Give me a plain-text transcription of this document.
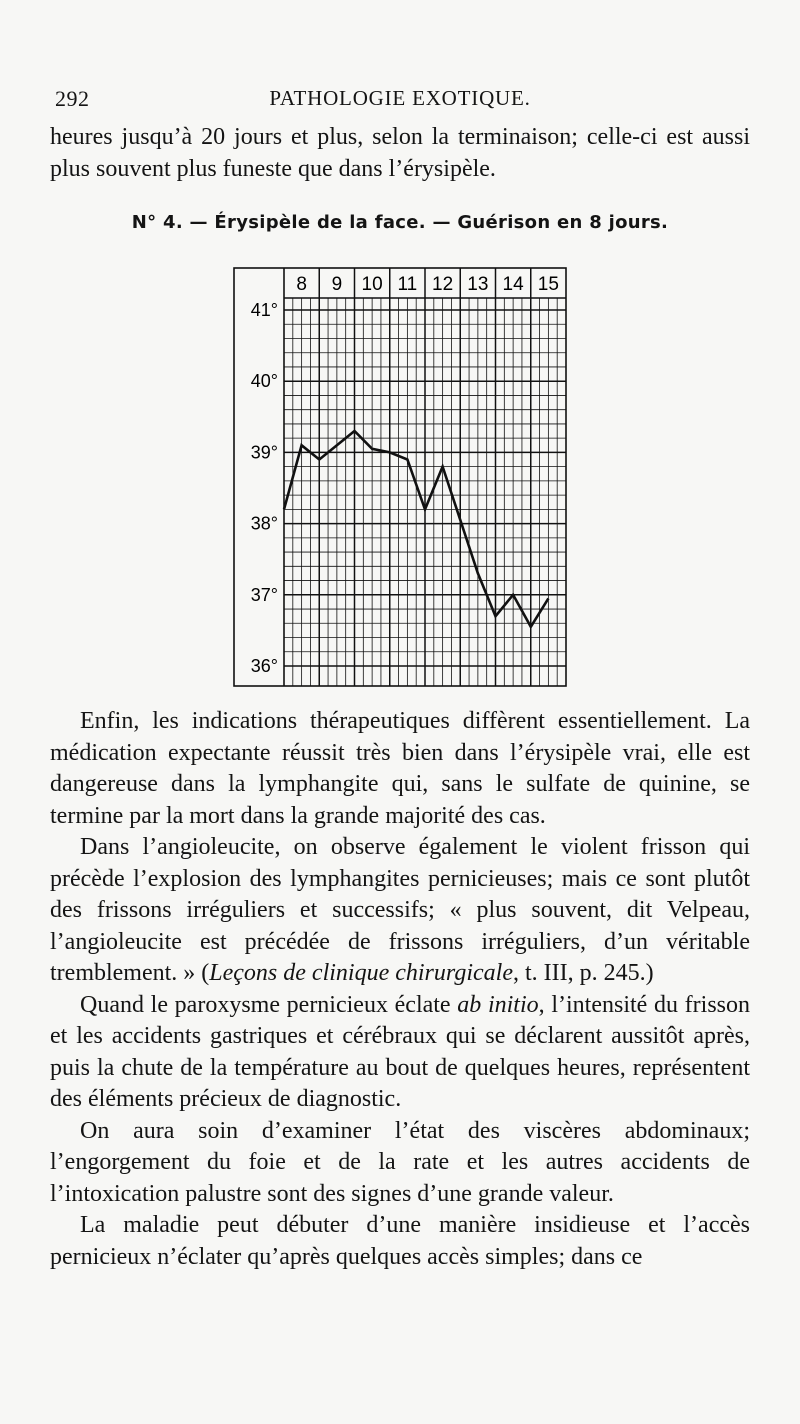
292	PATHOLOGIE EXOTIQUE.

heures jusqu’à 20 jours et plus, selon la terminaison; celle-ci est aussi plus souvent plus funeste que dans l’érysipèle.

N° 4. — Érysipèle de la face. — Guérison en 8 jours.
8 9 10 11 12 13 14 15
41°
40°
39°
38°
37°
36°

Enfin, les indications thérapeutiques diffèrent essentiellement. La médication expectante réussit très bien dans l’érysipèle vrai, elle est dangereuse dans la lymphangite qui, sans le sulfate de quinine, se termine par la mort dans la grande majorité des cas.

Dans l’angioleucite, on observe également le violent frisson qui précède l’explosion des lymphangites pernicieuses; mais ce sont plutôt des frissons irréguliers et successifs; « plus souvent, dit Velpeau, l’angioleucite est précédée de frissons irréguliers, d’un véritable tremblement. » (Leçons de clinique chirurgicale, t. III, p. 245.)

Quand le paroxysme pernicieux éclate ab initio, l’intensité du frisson et les accidents gastriques et cérébraux qui se déclarent aussitôt après, puis la chute de la température au bout de quelques heures, représentent des éléments précieux de diagnostic.

On aura soin d’examiner l’état des viscères abdominaux; l’engorgement du foie et de la rate et les autres accidents de l’intoxication palustre sont des signes d’une grande valeur.

La maladie peut débuter d’une manière insidieuse et l’accès pernicieux n’éclater qu’après quelques accès simples; dans ce
